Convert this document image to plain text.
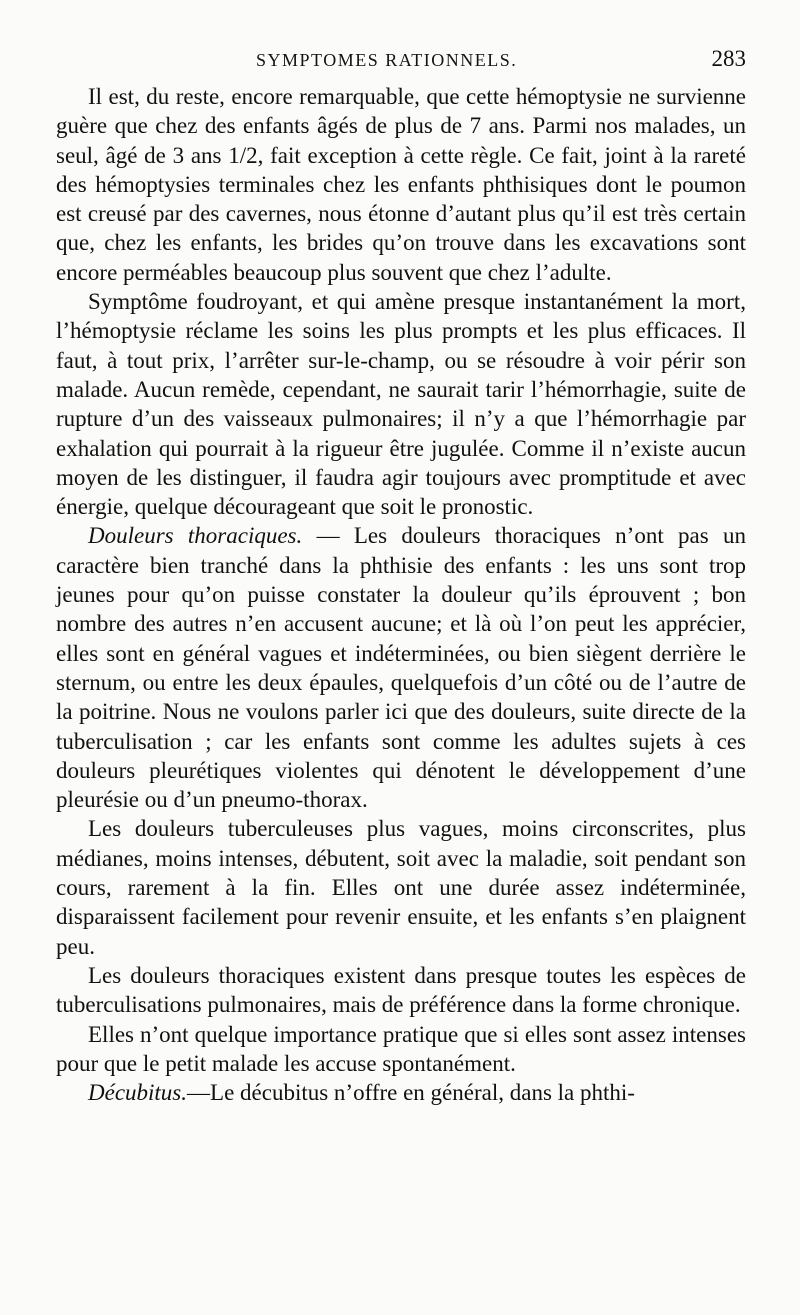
SYMPTOMES RATIONNELS.	283

Il est, du reste, encore remarquable, que cette hémoptysie ne survienne guère que chez des enfants âgés de plus de 7 ans. Parmi nos malades, un seul, âgé de 3 ans 1/2, fait exception à cette règle. Ce fait, joint à la rareté des hémoptysies terminales chez les enfants phthisiques dont le poumon est creusé par des cavernes, nous étonne d’autant plus qu’il est très certain que, chez les enfants, les brides qu’on trouve dans les excavations sont encore perméables beaucoup plus souvent que chez l’adulte.

Symptôme foudroyant, et qui amène presque instantanément la mort, l’hémoptysie réclame les soins les plus prompts et les plus efficaces. Il faut, à tout prix, l’arrêter sur-le-champ, ou se résoudre à voir périr son malade. Aucun remède, cependant, ne saurait tarir l’hémorrhagie, suite de rupture d’un des vaisseaux pulmonaires; il n’y a que l’hémorrhagie par exhalation qui pourrait à la rigueur être jugulée. Comme il n’existe aucun moyen de les distinguer, il faudra agir toujours avec promptitude et avec énergie, quelque décourageant que soit le pronostic.

Douleurs thoraciques. — Les douleurs thoraciques n’ont pas un caractère bien tranché dans la phthisie des enfants : les uns sont trop jeunes pour qu’on puisse constater la douleur qu’ils éprouvent ; bon nombre des autres n’en accusent aucune; et là où l’on peut les apprécier, elles sont en général vagues et indéterminées, ou bien siègent derrière le sternum, ou entre les deux épaules, quelquefois d’un côté ou de l’autre de la poitrine. Nous ne voulons parler ici que des douleurs, suite directe de la tuberculisation ; car les enfants sont comme les adultes sujets à ces douleurs pleurétiques violentes qui dénotent le développement d’une pleurésie ou d’un pneumo-thorax.

Les douleurs tuberculeuses plus vagues, moins circonscrites, plus médianes, moins intenses, débutent, soit avec la maladie, soit pendant son cours, rarement à la fin. Elles ont une durée assez indéterminée, disparaissent facilement pour revenir ensuite, et les enfants s’en plaignent peu.

Les douleurs thoraciques existent dans presque toutes les espèces de tuberculisations pulmonaires, mais de préférence dans la forme chronique.

Elles n’ont quelque importance pratique que si elles sont assez intenses pour que le petit malade les accuse spontanément.

Décubitus.—Le décubitus n’offre en général, dans la phthi-
